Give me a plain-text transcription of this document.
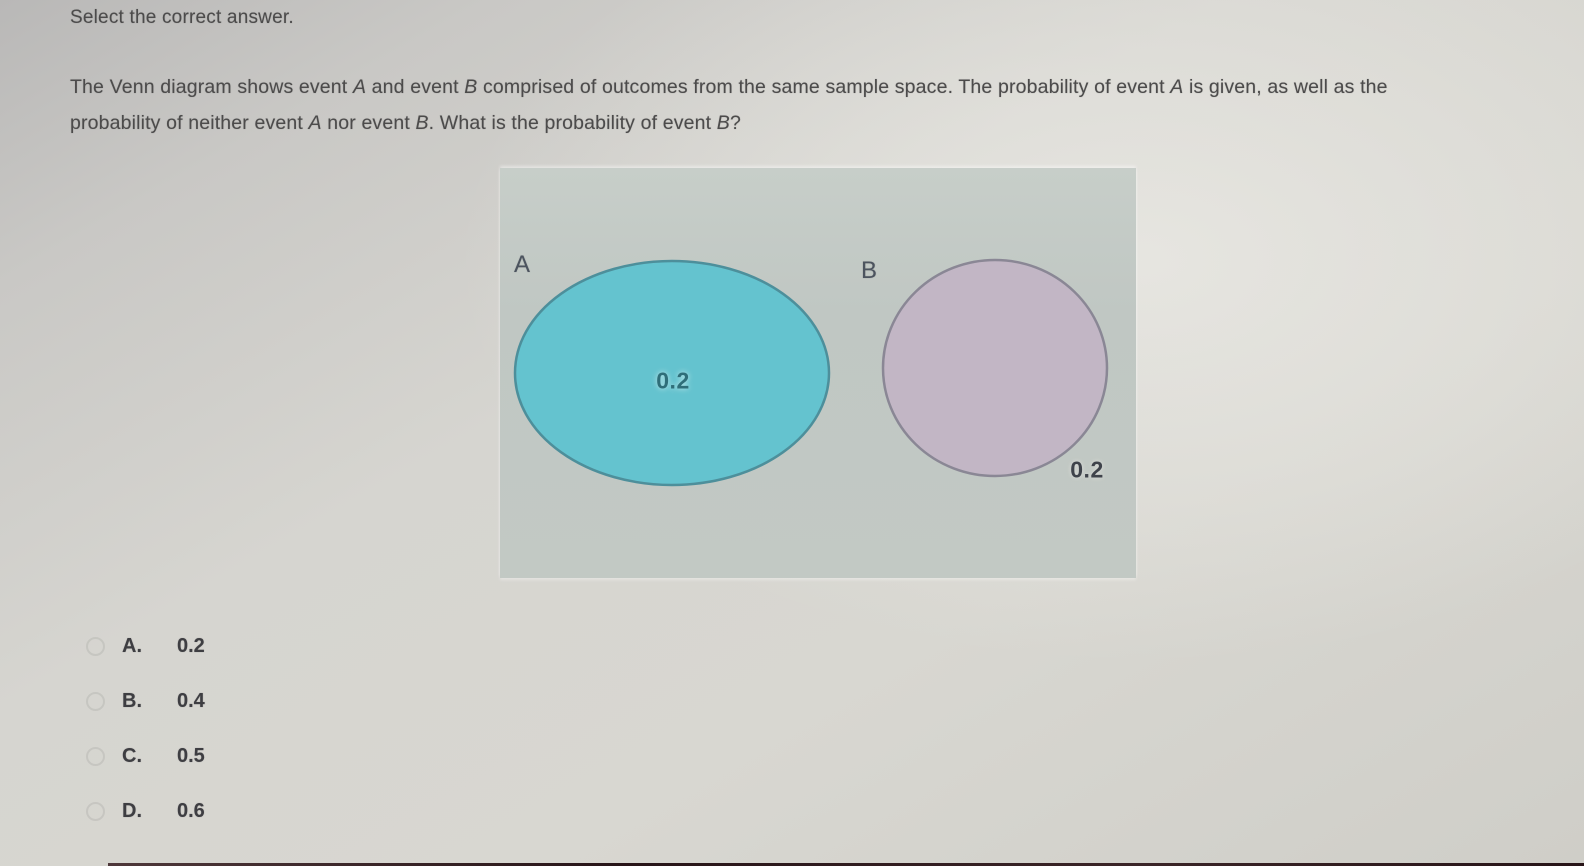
Select the correct answer.
The Venn diagram shows event A and event B comprised of outcomes from the same sample space. The probability of event A is given, as well as the
probability of neither event A nor event B. What is the probability of event B?
A	B
0.2
0.2
A.	0.2
B.	0.4
C.	0.5
D.	0.6
